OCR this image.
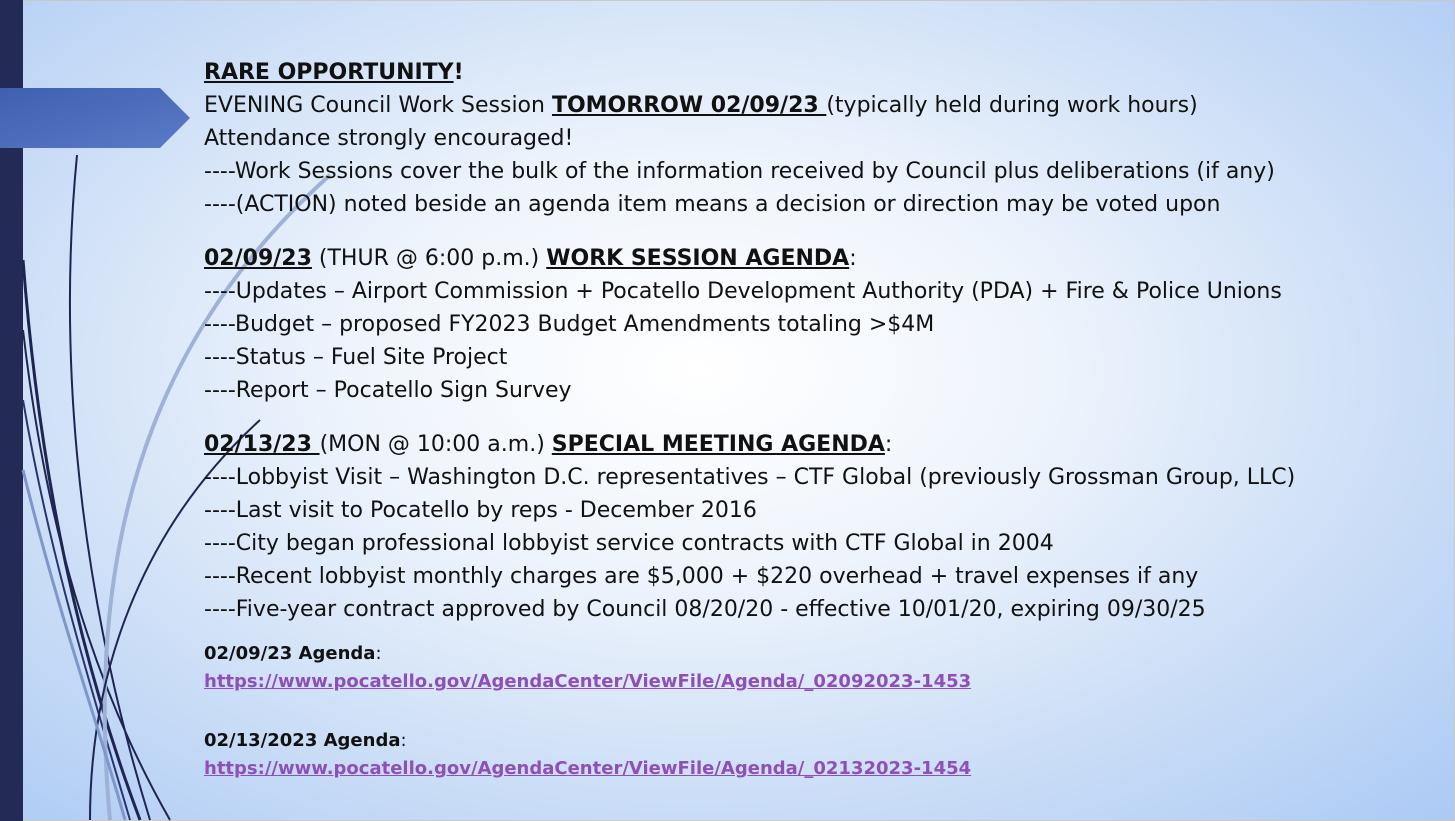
RARE OPPORTUNITY!
EVENING Council Work Session TOMORROW 02/09/23 (typically held during work hours)
Attendance strongly encouraged!
----Work Sessions cover the bulk of the information received by Council plus deliberations (if any)
----(ACTION) noted beside an agenda item means a decision or direction may be voted upon
02/09/23 (THUR @ 6:00 p.m.) WORK SESSION AGENDA:
----Updates – Airport Commission + Pocatello Development Authority (PDA) + Fire & Police Unions
----Budget – proposed FY2023 Budget Amendments totaling >$4M
----Status – Fuel Site Project
----Report – Pocatello Sign Survey
02/13/23 (MON @ 10:00 a.m.) SPECIAL MEETING AGENDA:
----Lobbyist Visit – Washington D.C. representatives – CTF Global (previously Grossman Group, LLC)
----Last visit to Pocatello by reps - December 2016
----City began professional lobbyist service contracts with CTF Global in 2004
----Recent lobbyist monthly charges are $5,000 + $220 overhead + travel expenses if any
----Five-year contract approved by Council 08/20/20 - effective 10/01/20, expiring 09/30/25
02/09/23 Agenda:
https://www.pocatello.gov/AgendaCenter/ViewFile/Agenda/_02092023-1453
02/13/2023 Agenda:
https://www.pocatello.gov/AgendaCenter/ViewFile/Agenda/_02132023-1454
